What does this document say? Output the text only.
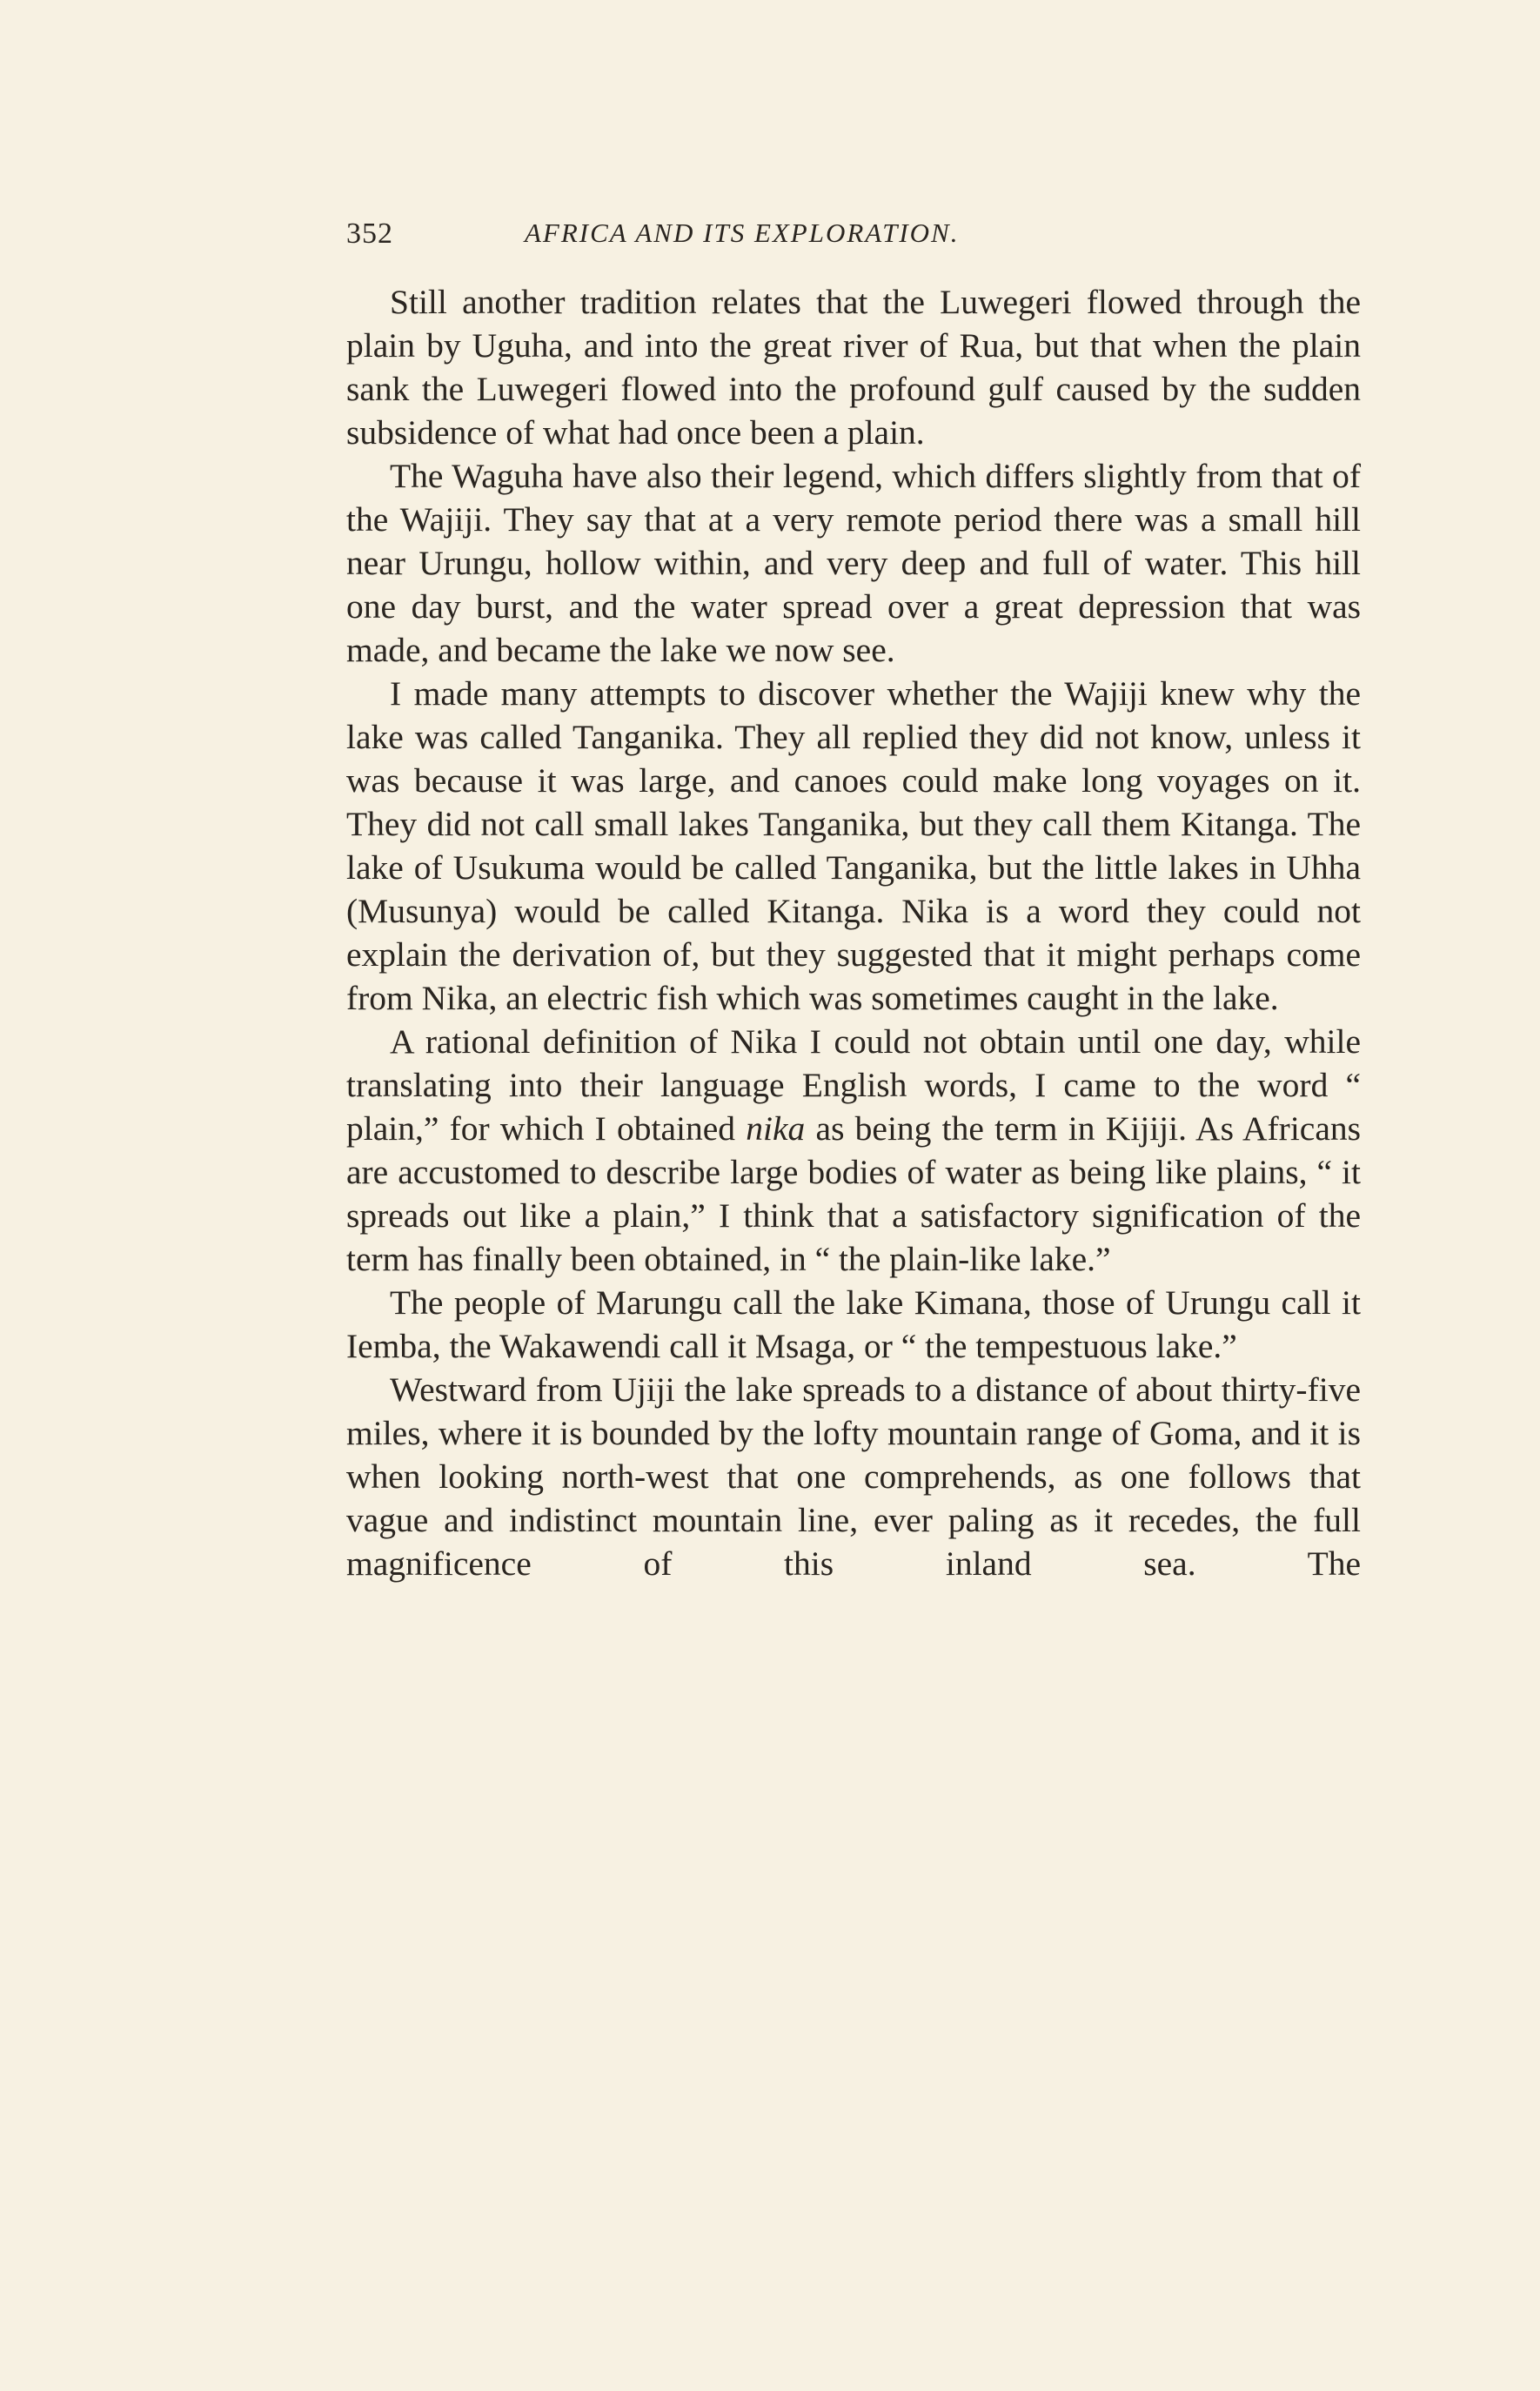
352	AFRICA AND ITS EXPLORATION.

Still another tradition relates that the Luwegeri flowed through the plain by Uguha, and into the great river of Rua, but that when the plain sank the Luwegeri flowed into the profound gulf caused by the sudden subsidence of what had once been a plain.

The Waguha have also their legend, which differs slightly from that of the Wajiji. They say that at a very remote period there was a small hill near Urungu, hollow within, and very deep and full of water. This hill one day burst, and the water spread over a great depression that was made, and became the lake we now see.

I made many attempts to discover whether the Wajiji knew why the lake was called Tanganika. They all replied they did not know, unless it was because it was large, and canoes could make long voyages on it. They did not call small lakes Tanganika, but they call them Kitanga. The lake of Usukuma would be called Tanganika, but the little lakes in Uhha (Musunya) would be called Kitanga. Nika is a word they could not explain the derivation of, but they suggested that it might perhaps come from Nika, an electric fish which was sometimes caught in the lake.

A rational definition of Nika I could not obtain until one day, while translating into their language English words, I came to the word “ plain,” for which I obtained nika as being the term in Kijiji. As Africans are accustomed to describe large bodies of water as being like plains, “ it spreads out like a plain,” I think that a satisfactory signification of the term has finally been obtained, in “ the plain-like lake.”

The people of Marungu call the lake Kimana, those of Urungu call it Iemba, the Wakawendi call it Msaga, or “ the tempestuous lake.”

Westward from Ujiji the lake spreads to a distance of about thirty-five miles, where it is bounded by the lofty mountain range of Goma, and it is when looking north-west that one comprehends, as one follows that vague and indistinct mountain line, ever paling as it recedes, the full magnificence of this inland sea. The
